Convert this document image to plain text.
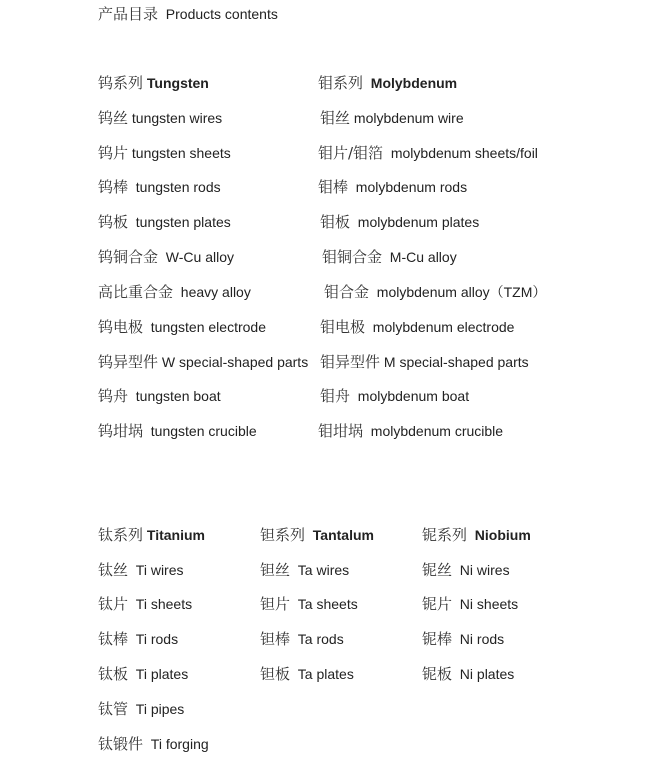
产品目录 Products contents
钨系列 Tungsten
钨丝 tungsten wires
钨片 tungsten sheets
钨棒 tungsten rods
钨板 tungsten plates
钨铜合金 W-Cu alloy
高比重合金 heavy alloy
钨电极 tungsten electrode
钨异型件 W special-shaped parts
钨舟 tungsten boat
钨坩埚 tungsten crucible
钼系列 Molybdenum
钼丝 molybdenum wire
钼片/钼箔 molybdenum sheets/foil
钼棒 molybdenum rods
钼板 molybdenum plates
钼铜合金 M-Cu alloy
钼合金 molybdenum alloy（TZM）
钼电极 molybdenum electrode
钼异型件 M special-shaped parts
钼舟 molybdenum boat
钼坩埚 molybdenum crucible
钛系列 Titanium
钛丝 Ti wires
钛片 Ti sheets
钛棒 Ti rods
钛板 Ti plates
钛管 Ti pipes
钛锻件 Ti forging
钽系列 Tantalum
钽丝 Ta wires
钽片 Ta sheets
钽棒 Ta rods
钽板 Ta plates
铌系列 Niobium
铌丝 Ni wires
铌片 Ni sheets
铌棒 Ni rods
铌板 Ni plates
